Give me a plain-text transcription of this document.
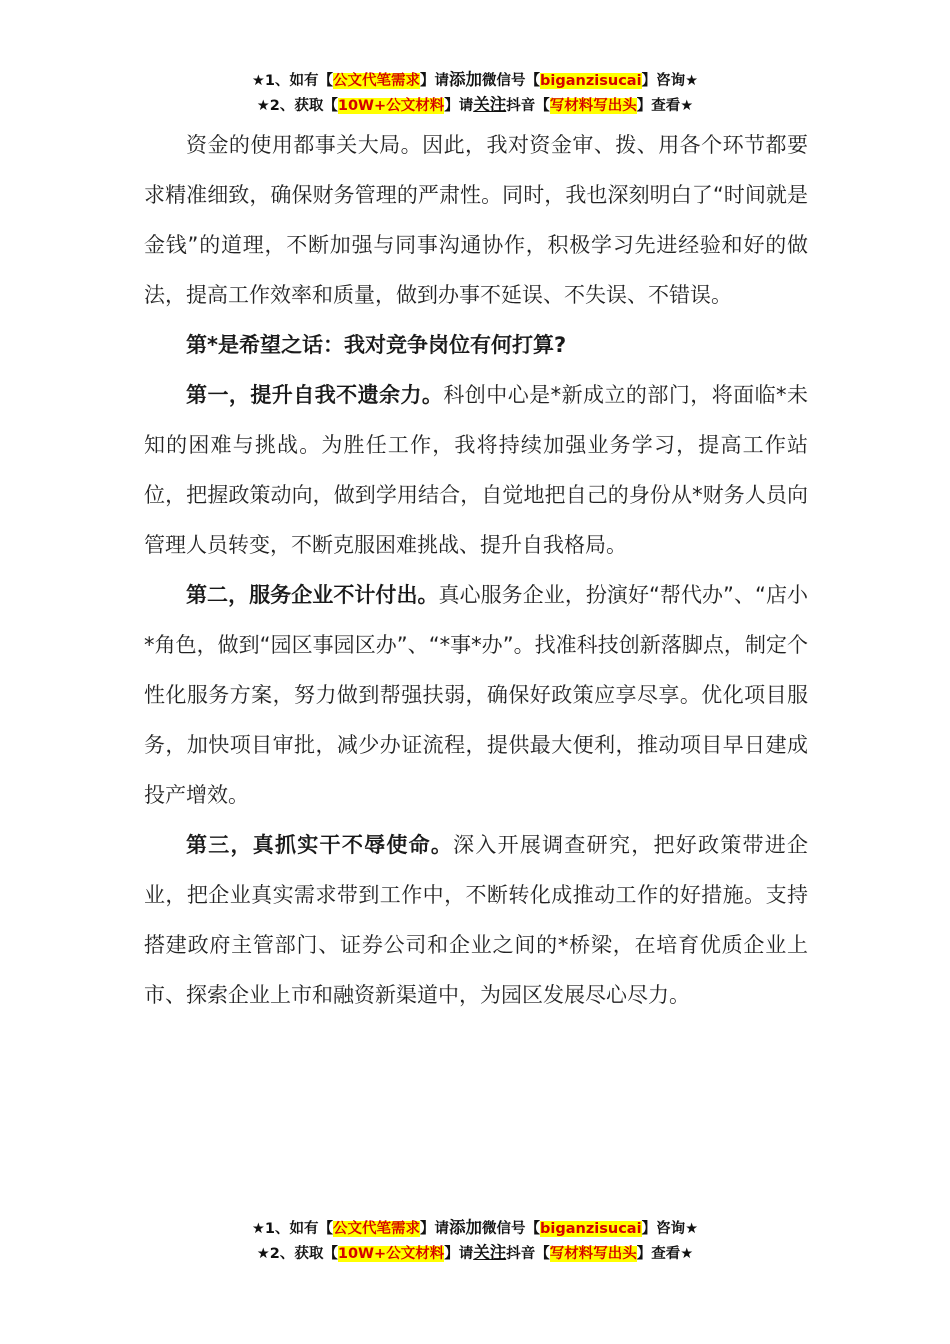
★1、如有【公文代笔需求】请添加微信号【biganzisucai】咨询★
★2、获取【10W+公文材料】请关注抖音【写材料写出头】查看★

资金的使用都事关大局。因此，我对资金审、拨、用各个环节都要求精准细致，确保财务管理的严肃性。同时，我也深刻明白了“时间就是金钱”的道理，不断加强与同事沟通协作，积极学习先进经验和好的做法，提高工作效率和质量，做到办事不延误、不失误、不错误。

第*是希望之话：我对竞争岗位有何打算?

第一，提升自我不遗余力。科创中心是*新成立的部门，将面临*未知的困难与挑战。为胜任工作，我将持续加强业务学习，提高工作站位，把握政策动向，做到学用结合，自觉地把自己的身份从*财务人员向管理人员转变，不断克服困难挑战、提升自我格局。

第二，服务企业不计付出。真心服务企业，扮演好“帮代办”、“店小*角色，做到“园区事园区办”、“*事*办”。找准科技创新落脚点，制定个性化服务方案，努力做到帮强扶弱，确保好政策应享尽享。优化项目服务，加快项目审批，减少办证流程，提供最大便利，推动项目早日建成投产增效。

第三，真抓实干不辱使命。深入开展调查研究，把好政策带进企业，把企业真实需求带到工作中，不断转化成推动工作的好措施。支持搭建政府主管部门、证券公司和企业之间的*桥梁，在培育优质企业上市、探索企业上市和融资新渠道中，为园区发展尽心尽力。

★1、如有【公文代笔需求】请添加微信号【biganzisucai】咨询★
★2、获取【10W+公文材料】请关注抖音【写材料写出头】查看★
